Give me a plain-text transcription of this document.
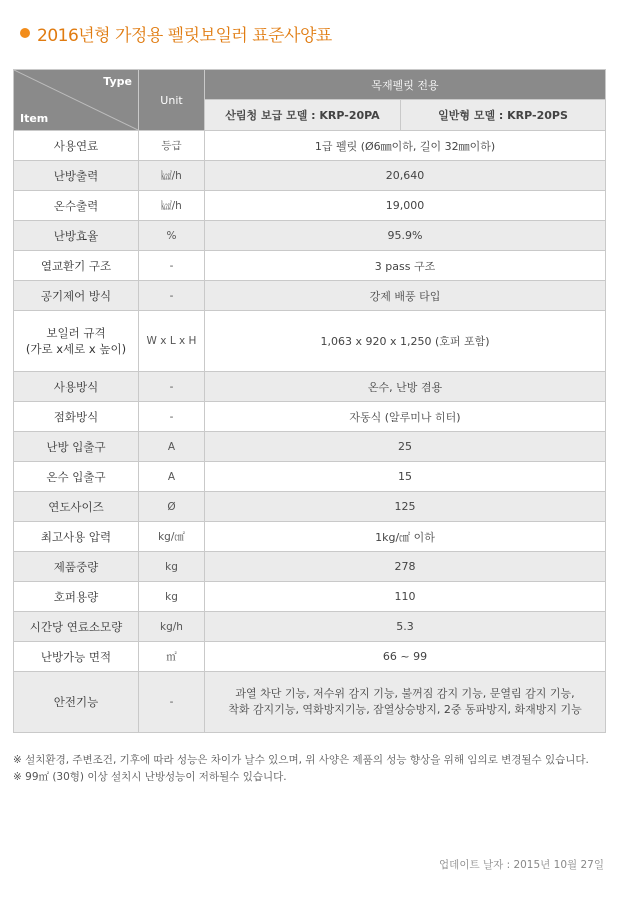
2016년형 가정용 펠릿보일러 표준사양표
Type
Item	Unit	목재펠릿 전용	
		산림청 보급 모델 : KRP-20PA	일반형 모델 : KRP-20PS
사용연료	등급	1급 펠릿 (Ø6㎜이하, 길이 32㎜이하)	
난방출력	㎉/h	20,640	
온수출력	㎉/h	19,000	
난방효율	%	95.9%	
열교환기 구조	-	3 pass 구조	
공기제어 방식	-	강제 배풍 타입	
보일러 규격
(가로 x세로 x 높이)	W x L x H	1,063 x 920 x 1,250 (호퍼 포함)	
사용방식	-	온수, 난방 겸용	
점화방식	-	자동식 (알루미나 히터)	
난방 입출구	A	25	
온수 입출구	A	15	
연도사이즈	Ø	125	
최고사용 압력	kg/㎠	1kg/㎠ 이하	
제품중량	kg	278	
호퍼용량	kg	110	
시간당 연료소모량	kg/h	5.3	
난방가능 면적	㎡	66 ~ 99	
안전기능	-	과열 차단 기능, 저수위 감지 기능, 불꺼짐 감지 기능, 문열림 감지 기능,
착화 감지기능, 역화방지기능, 잠열상승방지, 2중 동파방지, 화재방지 기능	
※ 설치환경, 주변조건, 기후에 따라 성능은 차이가 날수 있으며, 위 사양은 제품의 성능 향상을 위해 임의로 변경될수 있습니다.
※ 99㎡ (30형) 이상 설치시 난방성능이 저하될수 있습니다.
업데이트 날자 : 2015년 10월 27일
